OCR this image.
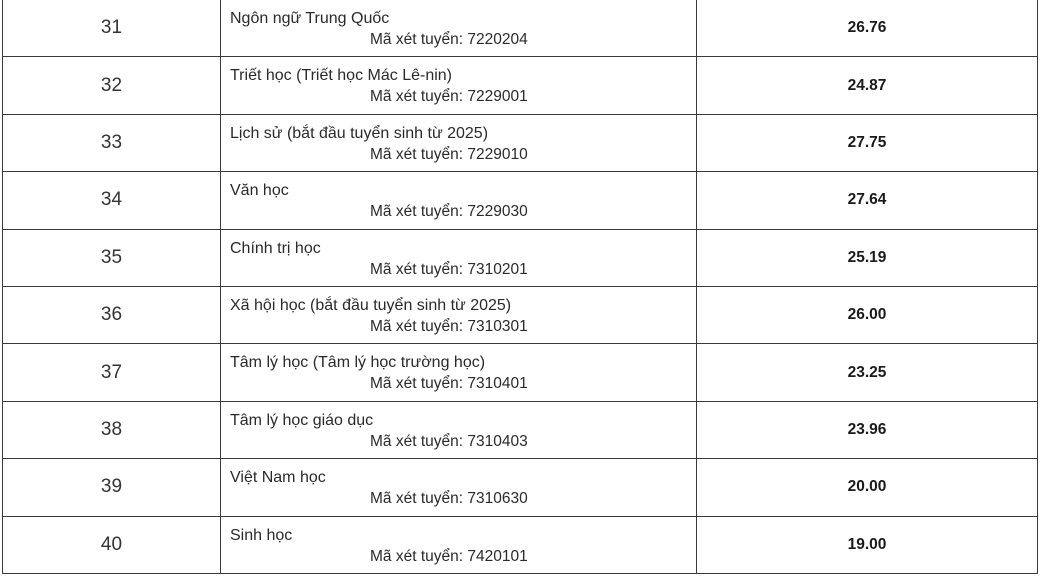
31	Ngôn ngữ Trung Quốc
Mã xét tuyển: 7220204	26.76
32	Triết học (Triết học Mác Lê-nin)
Mã xét tuyển: 7229001	24.87
33	Lịch sử (bắt đầu tuyển sinh từ 2025)
Mã xét tuyển: 7229010	27.75
34	Văn học
Mã xét tuyển: 7229030	27.64
35	Chính trị học
Mã xét tuyển: 7310201	25.19
36	Xã hội học (bắt đầu tuyển sinh từ 2025)
Mã xét tuyển: 7310301	26.00
37	Tâm lý học (Tâm lý học trường học)
Mã xét tuyển: 7310401	23.25
38	Tâm lý học giáo dục
Mã xét tuyển: 7310403	23.96
39	Việt Nam học
Mã xét tuyển: 7310630	20.00
40	Sinh học
Mã xét tuyển: 7420101	19.00
